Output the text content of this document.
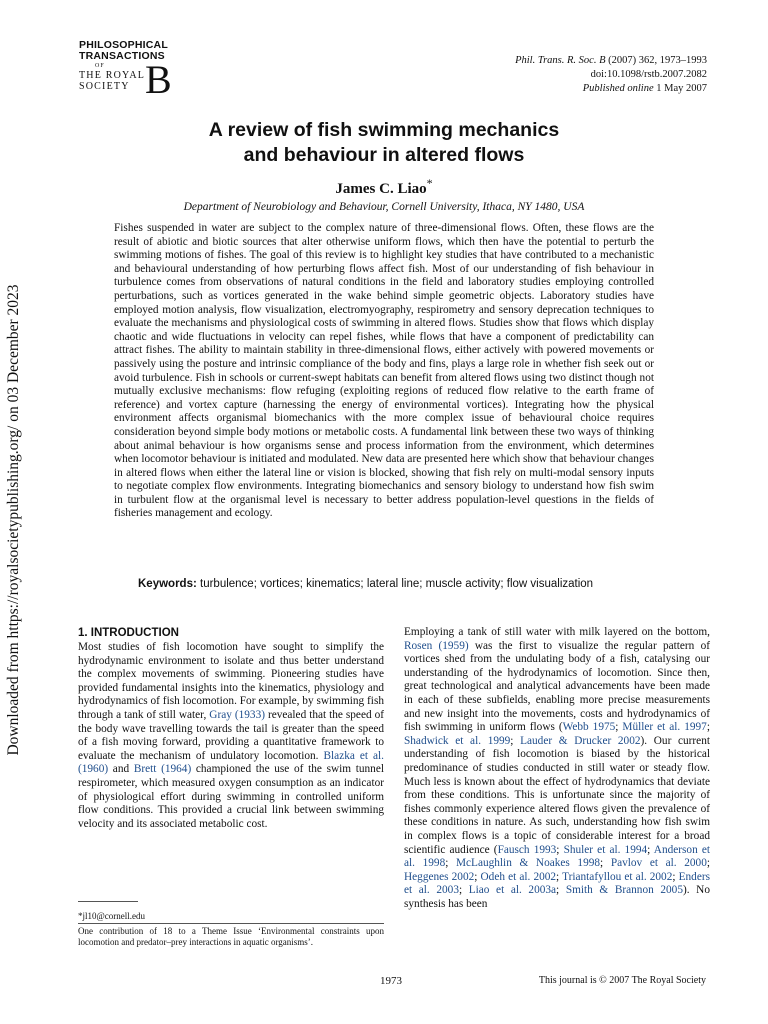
PHILOSOPHICAL
TRANSACTIONS
OF
THE ROYAL
SOCIETY B	Phil. Trans. R. Soc. B (2007) 362, 1973–1993
doi:10.1098/rstb.2007.2082
Published online 1 May 2007
Downloaded from https://royalsocietypublishing.org/ on 03 December 2023
A review of fish swimming mechanics
and behaviour in altered flows
James C. Liao*
Department of Neurobiology and Behaviour, Cornell University, Ithaca, NY 1480, USA
Fishes suspended in water are subject to the complex nature of three-dimensional flows. Often, these flows are the result of abiotic and biotic sources that alter otherwise uniform flows, which then have the potential to perturb the swimming motions of fishes. The goal of this review is to highlight key studies that have contributed to a mechanistic and behavioural understanding of how perturbing flows affect fish. Most of our understanding of fish behaviour in turbulence comes from observations of natural conditions in the field and laboratory studies employing controlled perturbations, such as vortices generated in the wake behind simple geometric objects. Laboratory studies have employed motion analysis, flow visualization, electromyography, respirometry and sensory deprecation techniques to evaluate the mechanisms and physiological costs of swimming in altered flows. Studies show that flows which display chaotic and wide fluctuations in velocity can repel fishes, while flows that have a component of predictability can attract fishes. The ability to maintain stability in three-dimensional flows, either actively with powered movements or passively using the posture and intrinsic compliance of the body and fins, plays a large role in whether fish seek out or avoid turbulence. Fish in schools or current-swept habitats can benefit from altered flows using two distinct though not mutually exclusive mechanisms: flow refuging (exploiting regions of reduced flow relative to the earth frame of reference) and vortex capture (harnessing the energy of environmental vortices). Integrating how the physical environment affects organismal biomechanics with the more complex issue of behavioural choice requires consideration beyond simple body motions or metabolic costs. A fundamental link between these two ways of thinking about animal behaviour is how organisms sense and process information from the environment, which determines when locomotor behaviour is initiated and modulated. New data are presented here which show that behaviour changes in altered flows when either the lateral line or vision is blocked, showing that fish rely on multi-modal sensory inputs to negotiate complex flow environments. Integrating biomechanics and sensory biology to understand how fish swim in turbulent flow at the organismal level is necessary to better address population-level questions in the fields of fisheries management and ecology.
Keywords: turbulence; vortices; kinematics; lateral line; muscle activity; flow visualization
1. INTRODUCTION

Most studies of fish locomotion have sought to simplify the hydrodynamic environment to isolate and thus better understand the complex movements of swimming. Pioneering studies have provided fundamental insights into the kinematics, physiology and hydrodynamics of fish locomotion. For example, by swimming fish through a tank of still water, Gray (1933) revealed that the speed of the body wave travelling towards the tail is greater than the speed of a fish moving forward, providing a quantitative framework to evaluate the mechanism of undulatory locomotion. Blazka et al. (1960) and Brett (1964) championed the use of the swim tunnel respirometer, which measured oxygen consumption as an indicator of physiological effort during swimming in controlled uniform flow conditions. This provided a crucial link between swimming velocity and its associated metabolic cost.

Employing a tank of still water with milk layered on the bottom, Rosen (1959) was the first to visualize the regular pattern of vortices shed from the undulating body of a fish, catalysing our understanding of the hydrodynamics of locomotion. Since then, great technological and analytical advancements have been made in each of these subfields, enabling more precise measurements and new insight into the movements, costs and hydrodynamics of fish swimming in uniform flows (Webb 1975; Müller et al. 1997; Shadwick et al. 1999; Lauder & Drucker 2002). Our current understanding of fish locomotion is biased by the historical predominance of studies conducted in still water or steady flow. Much less is known about the effect of hydrodynamics that deviate from these conditions. This is unfortunate since the majority of fishes commonly experience altered flows given the prevalence of these conditions in nature. As such, understanding how fish swim in complex flows is a topic of considerable interest for a broad scientific audience (Fausch 1993; Shuler et al. 1994; Anderson et al. 1998; McLaughlin & Noakes 1998; Pavlov et al. 2000; Heggenes 2002; Odeh et al. 2002; Triantafyllou et al. 2002; Enders et al. 2003; Liao et al. 2003a; Smith & Brannon 2005). No synthesis has been

*jl10@cornell.edu
One contribution of 18 to a Theme Issue ‘Environmental constraints upon locomotion and predator–prey interactions in aquatic organisms’.
1973	This journal is © 2007 The Royal Society
